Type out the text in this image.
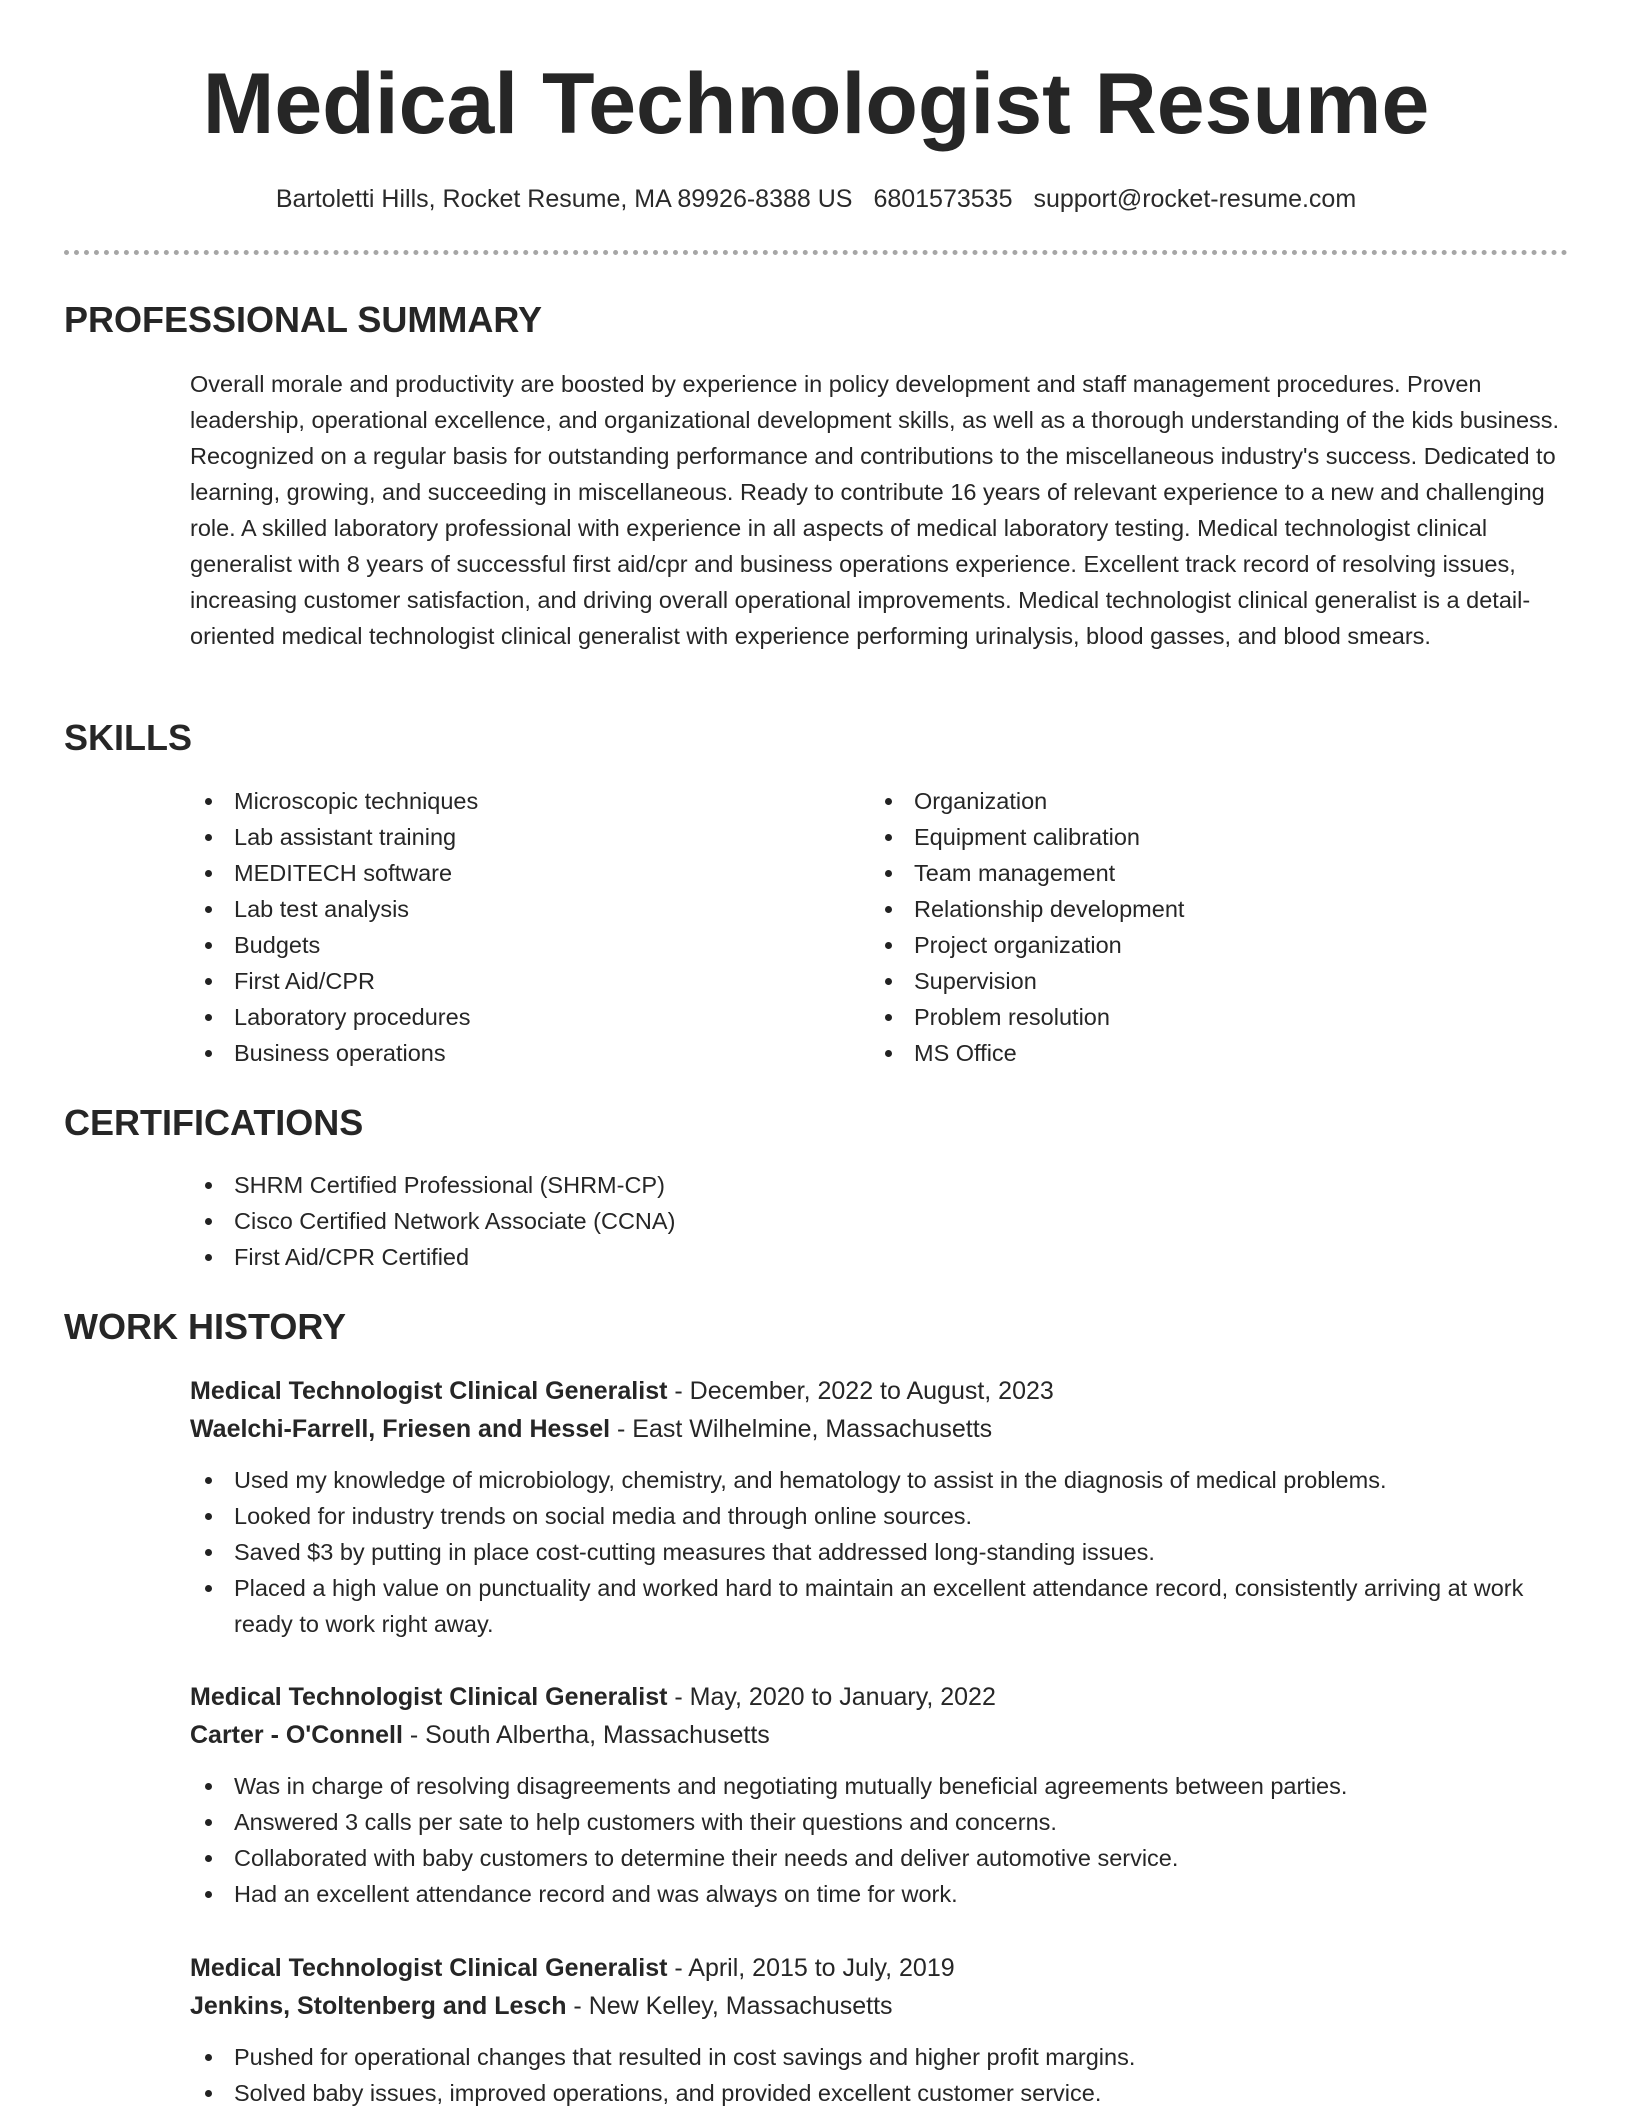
Medical Technologist Resume
Bartoletti Hills, Rocket Resume, MA 89926-8388 US 6801573535 support@rocket-resume.com
PROFESSIONAL SUMMARY

Overall morale and productivity are boosted by experience in policy development and staff management procedures. Proven leadership, operational excellence, and organizational development skills, as well as a thorough understanding of the kids business. Recognized on a regular basis for outstanding performance and contributions to the miscellaneous industry's success. Dedicated to learning, growing, and succeeding in miscellaneous. Ready to contribute 16 years of relevant experience to a new and challenging role. A skilled laboratory professional with experience in all aspects of medical laboratory testing. Medical technologist clinical generalist with 8 years of successful first aid/cpr and business operations experience. Excellent track record of resolving issues, increasing customer satisfaction, and driving overall operational improvements. Medical technologist clinical generalist is a detail-oriented medical technologist clinical generalist with experience performing urinalysis, blood gasses, and blood smears.

SKILLS
Microscopic techniques
Lab assistant training
MEDITECH software
Lab test analysis
Budgets
First Aid/CPR
Laboratory procedures
Business operations
Organization
Equipment calibration
Team management
Relationship development
Project organization
Supervision
Problem resolution
MS Office
CERTIFICATIONS
SHRM Certified Professional (SHRM-CP)
Cisco Certified Network Associate (CCNA)
First Aid/CPR Certified
WORK HISTORY
Medical Technologist Clinical Generalist - December, 2022 to August, 2023
Waelchi-Farrell, Friesen and Hessel - East Wilhelmine, Massachusetts
Used my knowledge of microbiology, chemistry, and hematology to assist in the diagnosis of medical problems.
Looked for industry trends on social media and through online sources.
Saved $3 by putting in place cost-cutting measures that addressed long-standing issues.
Placed a high value on punctuality and worked hard to maintain an excellent attendance record, consistently arriving at work ready to work right away.
Medical Technologist Clinical Generalist - May, 2020 to January, 2022
Carter - O'Connell - South Albertha, Massachusetts
Was in charge of resolving disagreements and negotiating mutually beneficial agreements between parties.
Answered 3 calls per sate to help customers with their questions and concerns.
Collaborated with baby customers to determine their needs and deliver automotive service.
Had an excellent attendance record and was always on time for work.
Medical Technologist Clinical Generalist - April, 2015 to July, 2019
Jenkins, Stoltenberg and Lesch - New Kelley, Massachusetts
Pushed for operational changes that resulted in cost savings and higher profit margins.
Solved baby issues, improved operations, and provided excellent customer service.
